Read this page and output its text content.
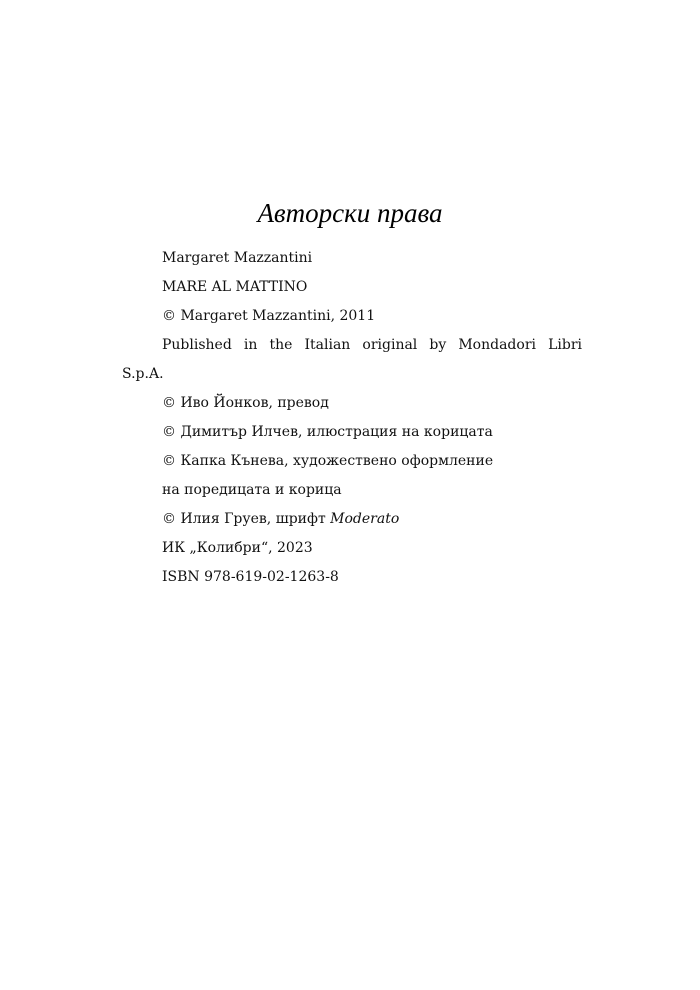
Авторски права
Margaret Mazzantini
MARE AL MATTINO
© Margaret Mazzantini, 2011
Published in the Italian original by Mondadori Libri
S.p.A.
© Иво Йонков, превод
© Димитър Илчев, илюстрация на корицата
© Капка Кънева, художествено оформление
на поредицата и корица
© Илия Груев, шрифт Moderato
ИК „Колибри“, 2023
ISBN 978-619-02-1263-8
